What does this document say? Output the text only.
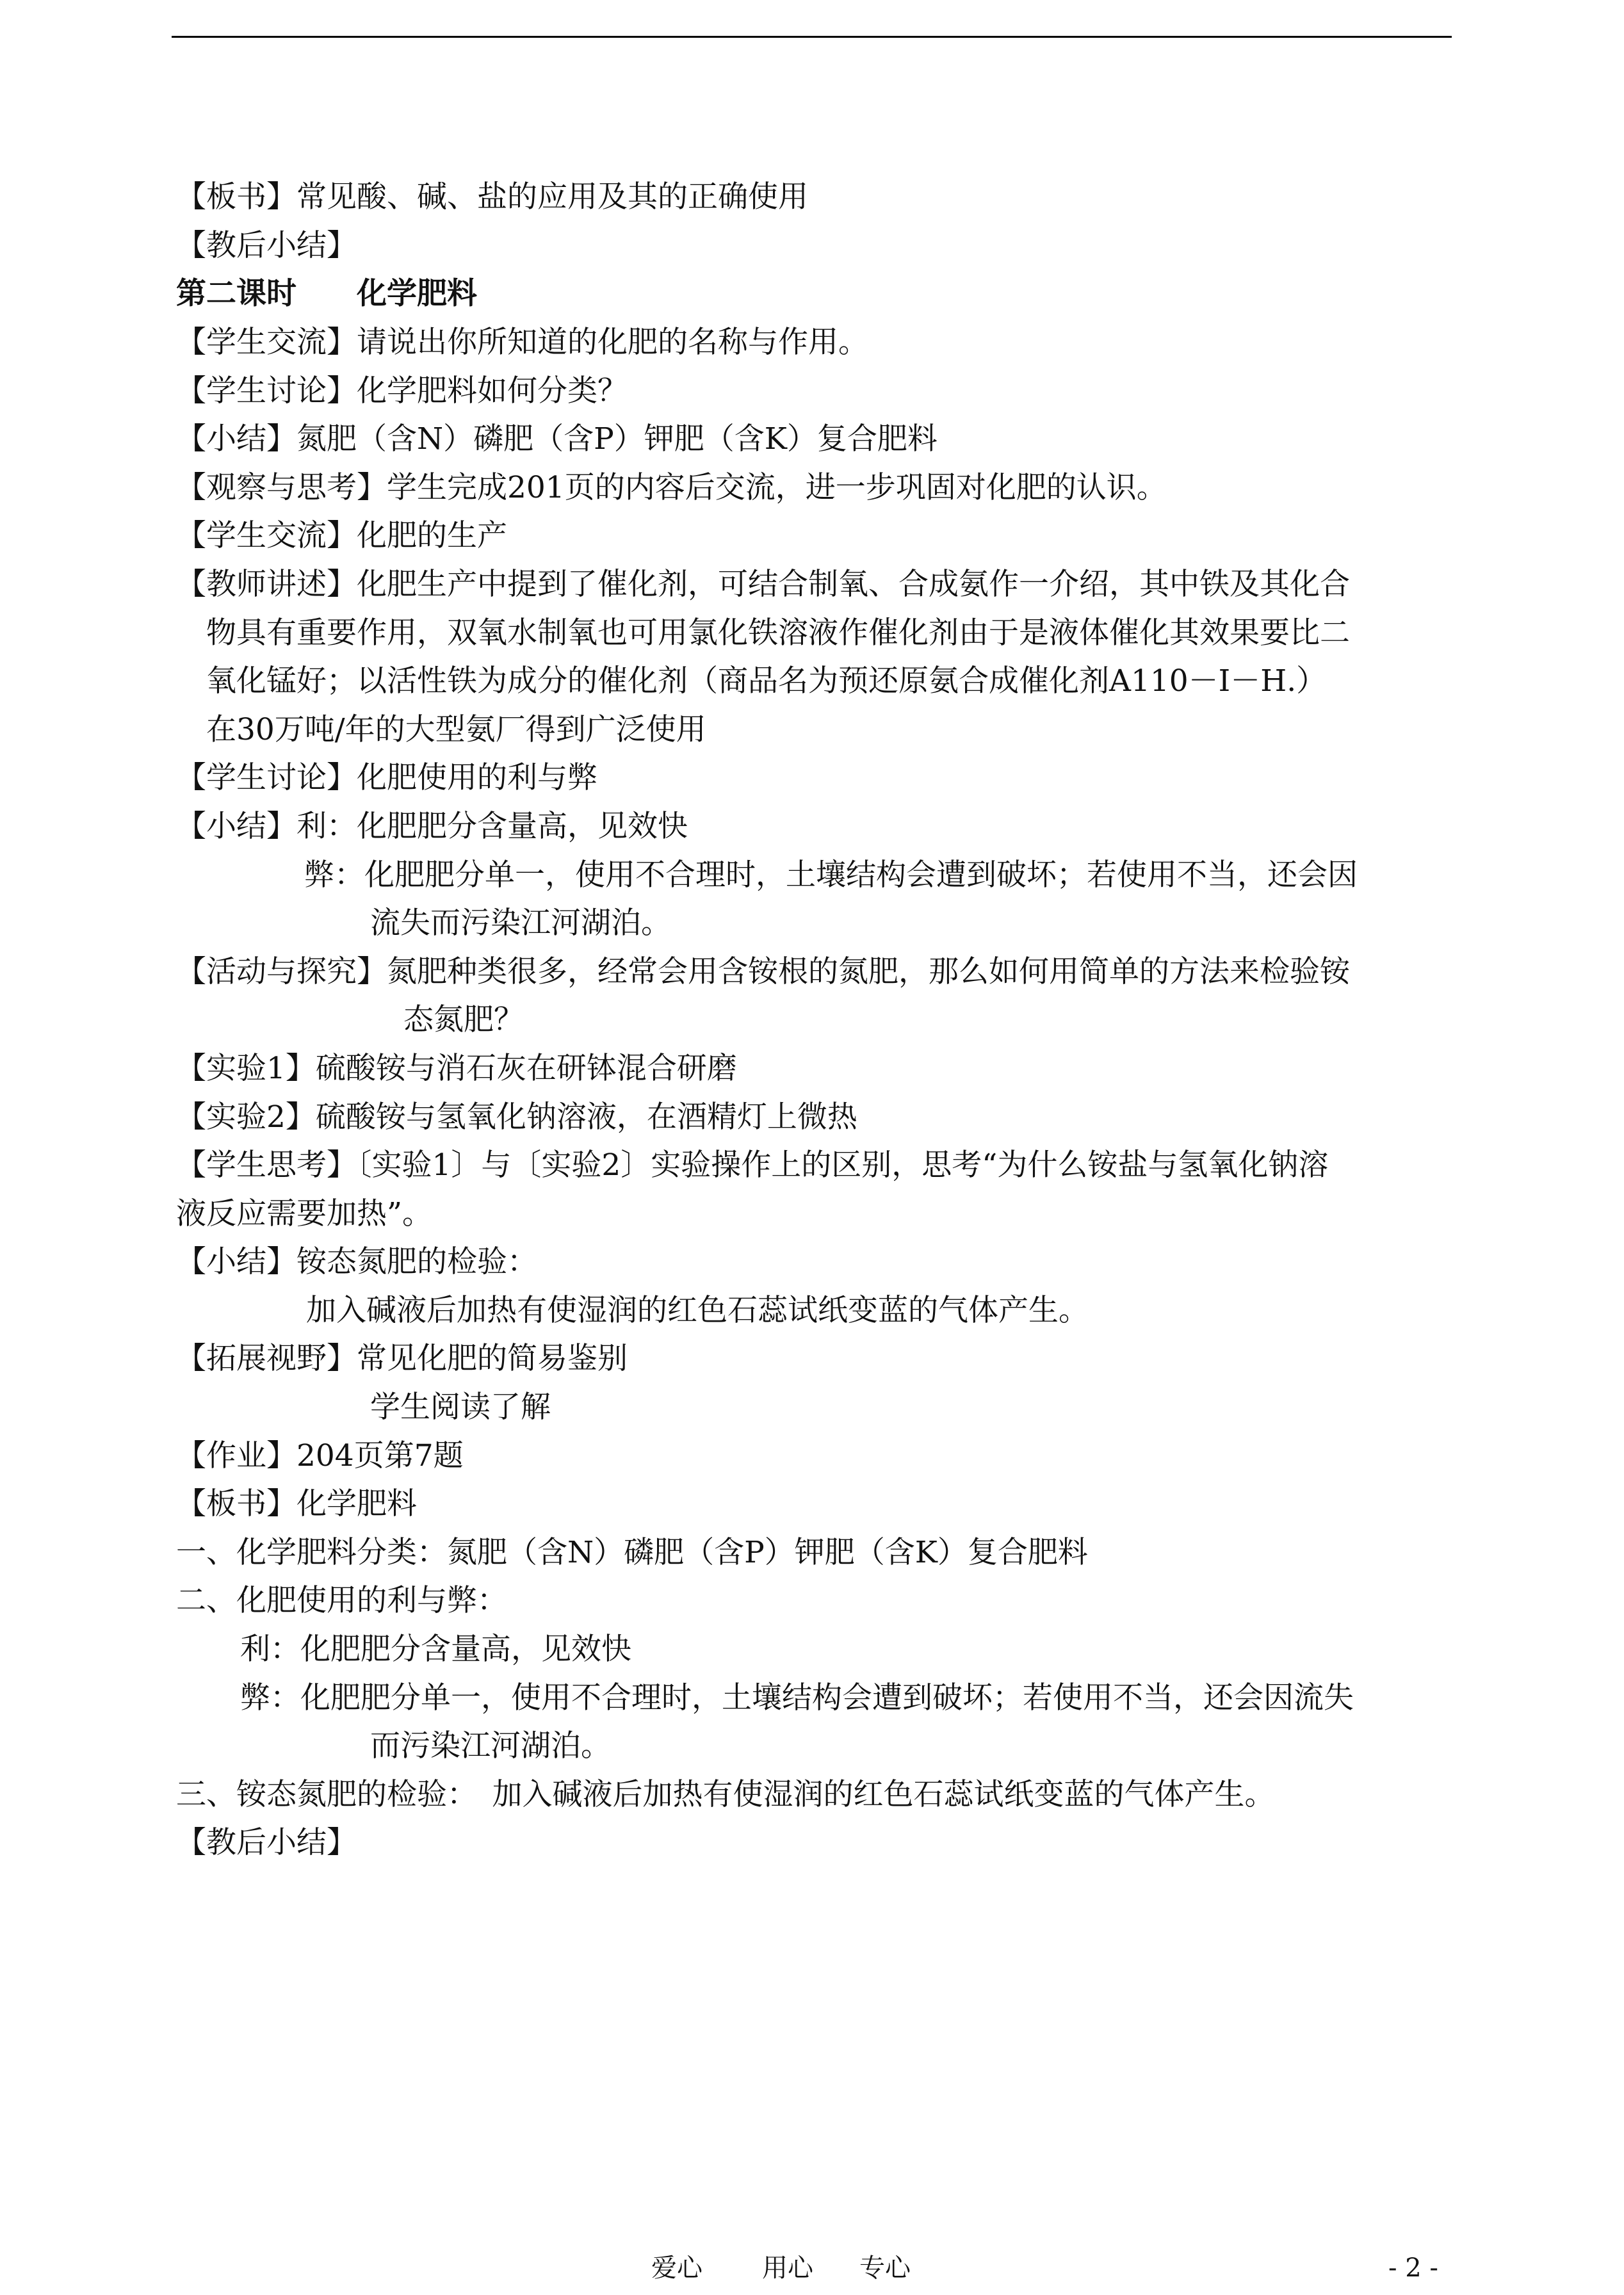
【板书】常见酸、碱、盐的应用及其的正确使用
【教后小结】
第二课时　　化学肥料
【学生交流】请说出你所知道的化肥的名称与作用。
【学生讨论】化学肥料如何分类？
【小结】氮肥（含N）磷肥（含P）钾肥（含K）复合肥料
【观察与思考】学生完成201页的内容后交流，进一步巩固对化肥的认识。
【学生交流】化肥的生产
【教师讲述】化肥生产中提到了催化剂，可结合制氧、合成氨作一介绍，其中铁及其化合
物具有重要作用，双氧水制氧也可用氯化铁溶液作催化剂由于是液体催化其效果要比二
氧化锰好；以活性铁为成分的催化剂（商品名为预还原氨合成催化剂A110－Ⅰ－H.）
在30万吨/年的大型氨厂得到广泛使用
【学生讨论】化肥使用的利与弊
【小结】利：化肥肥分含量高，见效快
弊：化肥肥分单一，使用不合理时，土壤结构会遭到破坏；若使用不当，还会因
流失而污染江河湖泊。
【活动与探究】氮肥种类很多，经常会用含铵根的氮肥，那么如何用简单的方法来检验铵
态氮肥？
【实验1】硫酸铵与消石灰在研钵混合研磨
【实验2】硫酸铵与氢氧化钠溶液，在酒精灯上微热
【学生思考】〔实验1〕与〔实验2〕实验操作上的区别，思考“为什么铵盐与氢氧化钠溶
液反应需要加热”。
【小结】铵态氮肥的检验：
加入碱液后加热有使湿润的红色石蕊试纸变蓝的气体产生。
【拓展视野】常见化肥的简易鉴别
学生阅读了解
【作业】204页第7题
【板书】化学肥料
一、化学肥料分类：氮肥（含N）磷肥（含P）钾肥（含K）复合肥料
二、化肥使用的利与弊：
利：化肥肥分含量高，见效快
弊：化肥肥分单一，使用不合理时，土壤结构会遭到破坏；若使用不当，还会因流失
而污染江河湖泊。
三、铵态氮肥的检验：　加入碱液后加热有使湿润的红色石蕊试纸变蓝的气体产生。
【教后小结】
爱心 用心 专心	- 2 -
